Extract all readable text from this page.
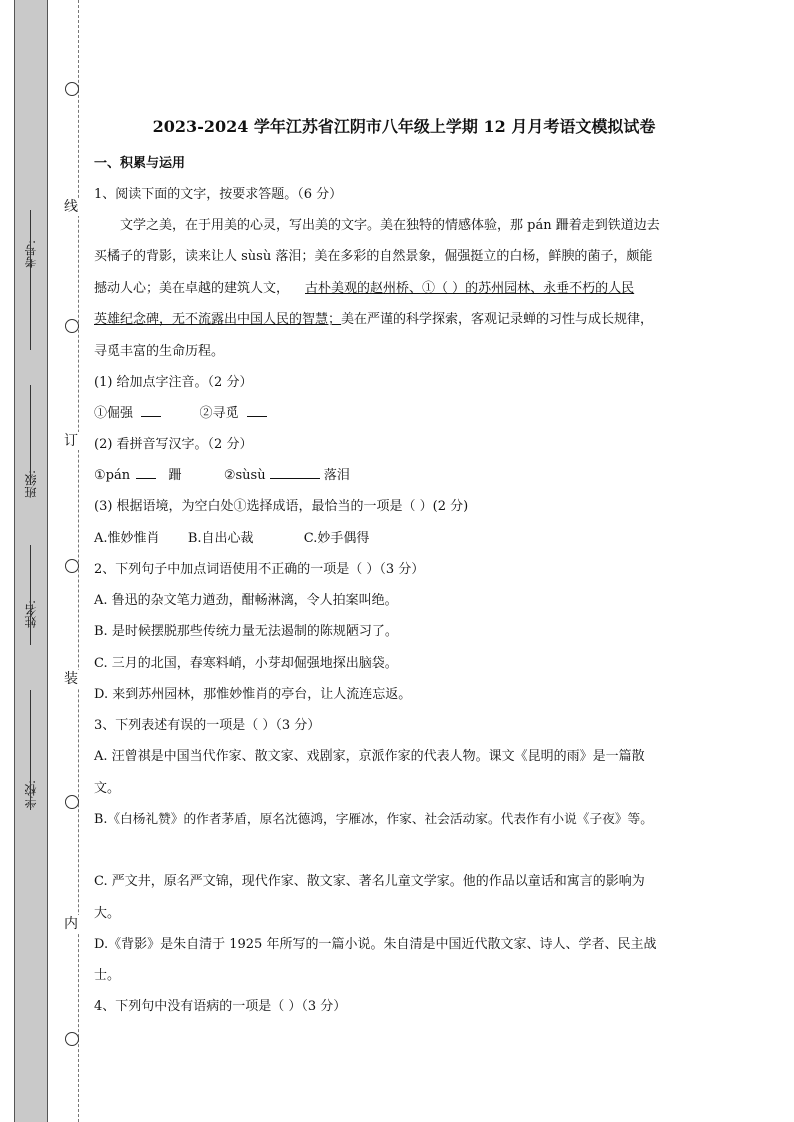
考号:
班级:
姓名:
学校:
线
订
装
内
2023-2024 学年江苏省江阴市八年级上学期 12 月月考语文模拟试卷
一、积累与运用
1、阅读下面的文字，按要求答题。（6 分）
文学之美，在于用美的心灵，写出美的文字。美在独特的情感体验，那 pán 跚着走到铁道边去
买橘子的背影，读来让人 sùsù 落泪；美在多彩的自然景象，倔强挺立的白杨，鲜腴的菌子，颇能
撼动人心；美在卓越的建筑人文， 古朴美观的赵州桥、①（ ）的苏州园林、永垂不朽的人民
英雄纪念碑，无不流露出中国人民的智慧；美在严谨的科学探索，客观记录蝉的习性与成长规律，
寻觅丰富的生命历程。
(1) 给加点字注音。（2 分）
①倔强	②寻觅
(2) 看拼音写汉字。（2 分）
①pán	跚	②sùsù	落泪
(3) 根据语境，为空白处①选择成语，最恰当的一项是（ ）(2 分)
A.惟妙惟肖 B.自出心裁	C.妙手偶得
2、下列句子中加点词语使用不正确的一项是（ ）（3 分）
A. 鲁迅的杂文笔力遒劲，酣畅淋漓，令人拍案叫绝。
B. 是时候摆脱那些传统力量无法遏制的陈规陋习了。
C. 三月的北国，春寒料峭，小芽却倔强地探出脑袋。
D. 来到苏州园林，那惟妙惟肖的亭台，让人流连忘返。
3、下列表述有误的一项是（ ）（3 分）
A. 汪曾祺是中国当代作家、散文家、戏剧家，京派作家的代表人物。课文《昆明的雨》是一篇散
文。
B.《白杨礼赞》的作者茅盾，原名沈德鸿，字雁冰，作家、社会活动家。代表作有小说《子夜》等。
C. 严文井，原名严文锦，现代作家、散文家、著名儿童文学家。他的作品以童话和寓言的影响为
大。
D.《背影》是朱自清于 1925 年所写的一篇小说。朱自清是中国近代散文家、诗人、学者、民主战
士。
4、下列句中没有语病的一项是（ ）（3 分）
